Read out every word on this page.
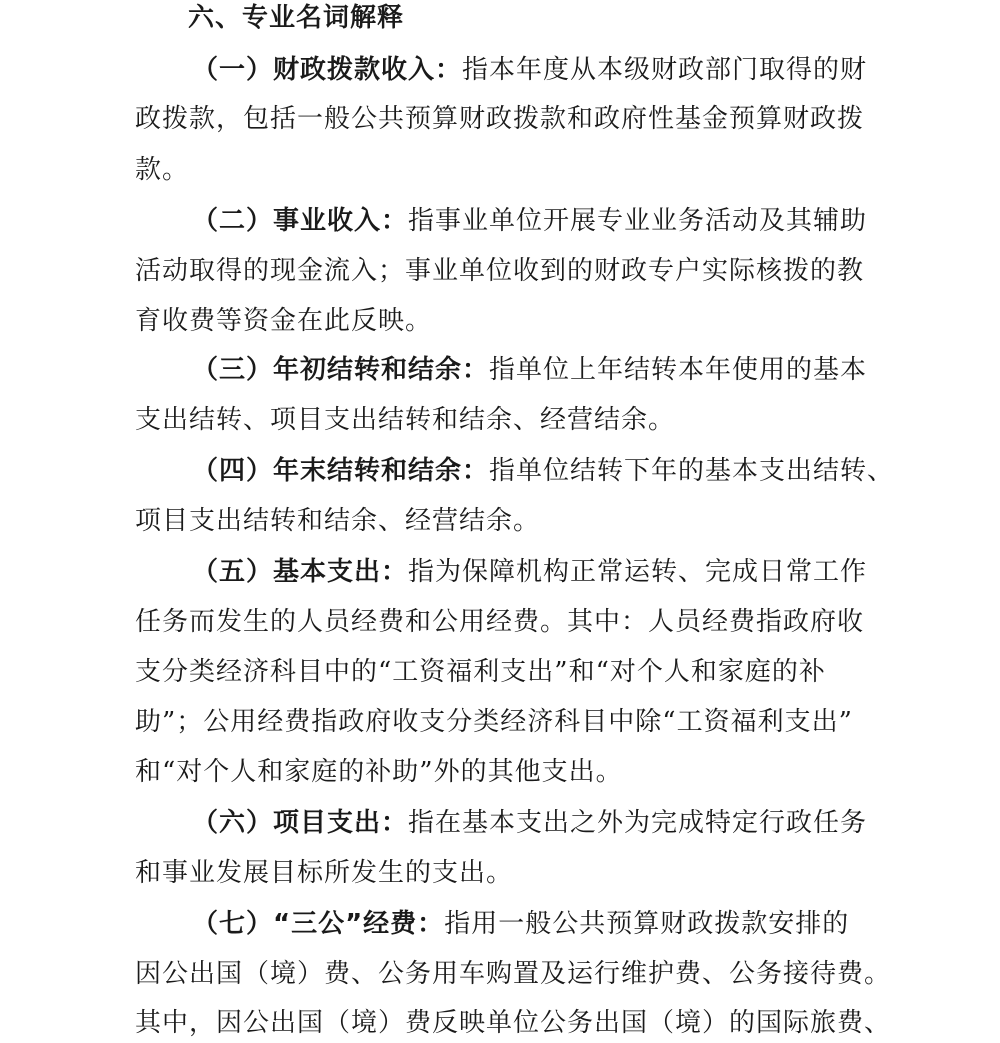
六、专业名词解释
（一）财政拨款收入：指本年度从本级财政部门取得的财
政拨款，包括一般公共预算财政拨款和政府性基金预算财政拨
款。
（二）事业收入：指事业单位开展专业业务活动及其辅助
活动取得的现金流入；事业单位收到的财政专户实际核拨的教
育收费等资金在此反映。
（三）年初结转和结余：指单位上年结转本年使用的基本
支出结转、项目支出结转和结余、经营结余。
（四）年末结转和结余：指单位结转下年的基本支出结转、
项目支出结转和结余、经营结余。
（五）基本支出：指为保障机构正常运转、完成日常工作
任务而发生的人员经费和公用经费。其中：人员经费指政府收
支分类经济科目中的“工资福利支出”和“对个人和家庭的补
助”；公用经费指政府收支分类经济科目中除“工资福利支出”
和“对个人和家庭的补助”外的其他支出。
（六）项目支出：指在基本支出之外为完成特定行政任务
和事业发展目标所发生的支出。
（七）“三公”经费：指用一般公共预算财政拨款安排的
因公出国（境）费、公务用车购置及运行维护费、公务接待费。
其中，因公出国（境）费反映单位公务出国（境）的国际旅费、
